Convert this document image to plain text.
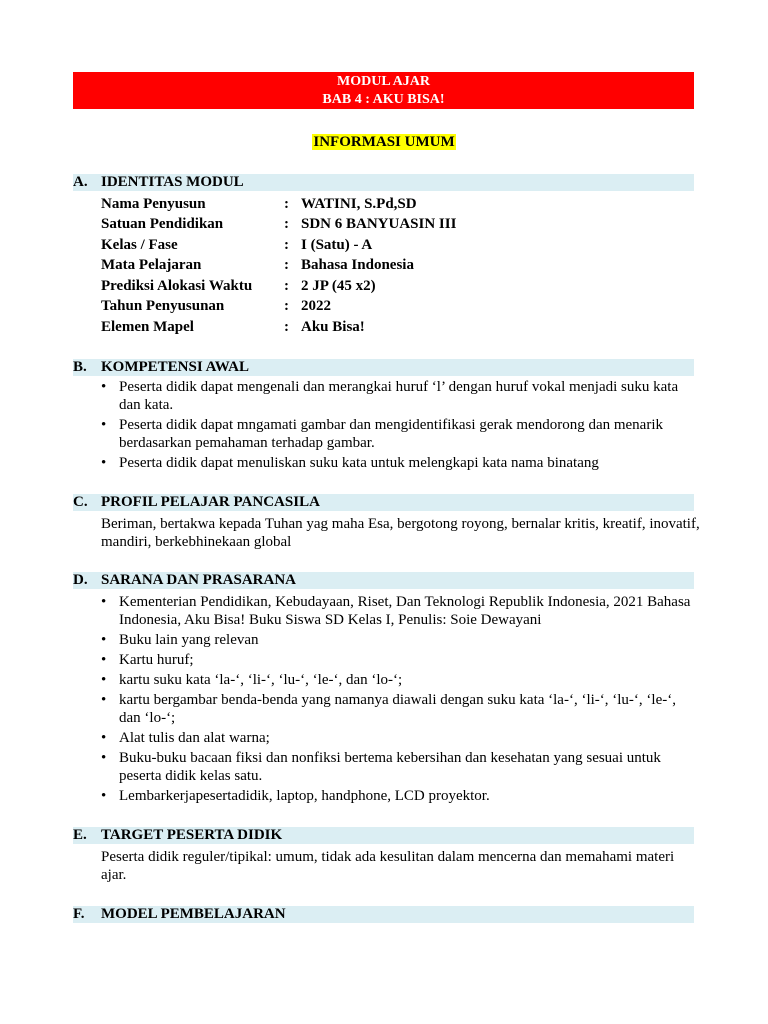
MODUL AJAR
BAB 4 : AKU BISA!
INFORMASI UMUM
A. IDENTITAS MODUL
Nama Penyusun	: WATINI, S.Pd,SD
Satuan Pendidikan	: SDN 6 BANYUASIN III
Kelas / Fase	: I (Satu) - A
Mata Pelajaran	: Bahasa Indonesia
Prediksi Alokasi Waktu : 2 JP (45 x2)
Tahun Penyusunan	: 2022
Elemen Mapel	: Aku Bisa!
B. KOMPETENSI AWAL
• Peserta didik dapat mengenali dan merangkai huruf ‘l’ dengan huruf vokal menjadi suku kata dan kata.
• Peserta didik dapat mngamati gambar dan mengidentifikasi gerak mendorong dan menarik berdasarkan pemahaman terhadap gambar.
• Peserta didik dapat menuliskan suku kata untuk melengkapi kata nama binatang
C. PROFIL PELAJAR PANCASILA
Beriman, bertakwa kepada Tuhan yag maha Esa, bergotong royong, bernalar kritis, kreatif, inovatif, mandiri, berkebhinekaan global
D. SARANA DAN PRASARANA
• Kementerian Pendidikan, Kebudayaan, Riset, Dan Teknologi Republik Indonesia, 2021 Bahasa Indonesia, Aku Bisa! Buku Siswa SD Kelas I, Penulis: Soie Dewayani
• Buku lain yang relevan
• Kartu huruf;
• kartu suku kata ‘la-‘, ‘li-‘, ‘lu-‘, ‘le-‘, dan ‘lo-‘;
• kartu bergambar benda-benda yang namanya diawali dengan suku kata ‘la-‘, ‘li-‘, ‘lu-‘, ‘le-‘, dan ‘lo-‘;
• Alat tulis dan alat warna;
• Buku-buku bacaan fiksi dan nonfiksi bertema kebersihan dan kesehatan yang sesuai untuk peserta didik kelas satu.
• Lembarkerjapesertadidik, laptop, handphone, LCD proyektor.
E. TARGET PESERTA DIDIK
Peserta didik reguler/tipikal: umum, tidak ada kesulitan dalam mencerna dan memahami materi ajar.
F. MODEL PEMBELAJARAN
